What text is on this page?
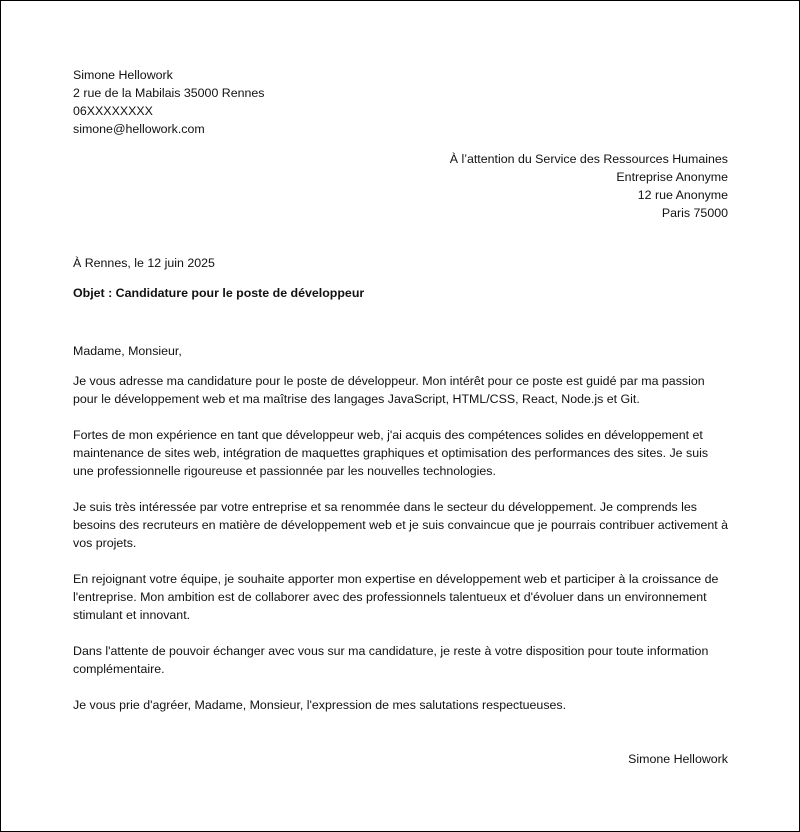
Simone Hellowork
2 rue de la Mabilais 35000 Rennes
06XXXXXXXX
simone@hellowork.com
À l’attention du Service des Ressources Humaines
Entreprise Anonyme
12 rue Anonyme
Paris 75000
À Rennes, le 12 juin 2025
Objet : Candidature pour le poste de développeur
Madame, Monsieur,

Je vous adresse ma candidature pour le poste de développeur. Mon intérêt pour ce poste est guidé par ma passion pour le développement web et ma maîtrise des langages JavaScript, HTML/CSS, React, Node.js et Git.

Fortes de mon expérience en tant que développeur web, j'ai acquis des compétences solides en développement et maintenance de sites web, intégration de maquettes graphiques et optimisation des performances des sites. Je suis une professionnelle rigoureuse et passionnée par les nouvelles technologies.

Je suis très intéressée par votre entreprise et sa renommée dans le secteur du développement. Je comprends les besoins des recruteurs en matière de développement web et je suis convaincue que je pourrais contribuer activement à vos projets.

En rejoignant votre équipe, je souhaite apporter mon expertise en développement web et participer à la croissance de l'entreprise. Mon ambition est de collaborer avec des professionnels talentueux et d'évoluer dans un environnement stimulant et innovant.

Dans l'attente de pouvoir échanger avec vous sur ma candidature, je reste à votre disposition pour toute information complémentaire.

Je vous prie d'agréer, Madame, Monsieur, l'expression de mes salutations respectueuses.

Simone Hellowork
